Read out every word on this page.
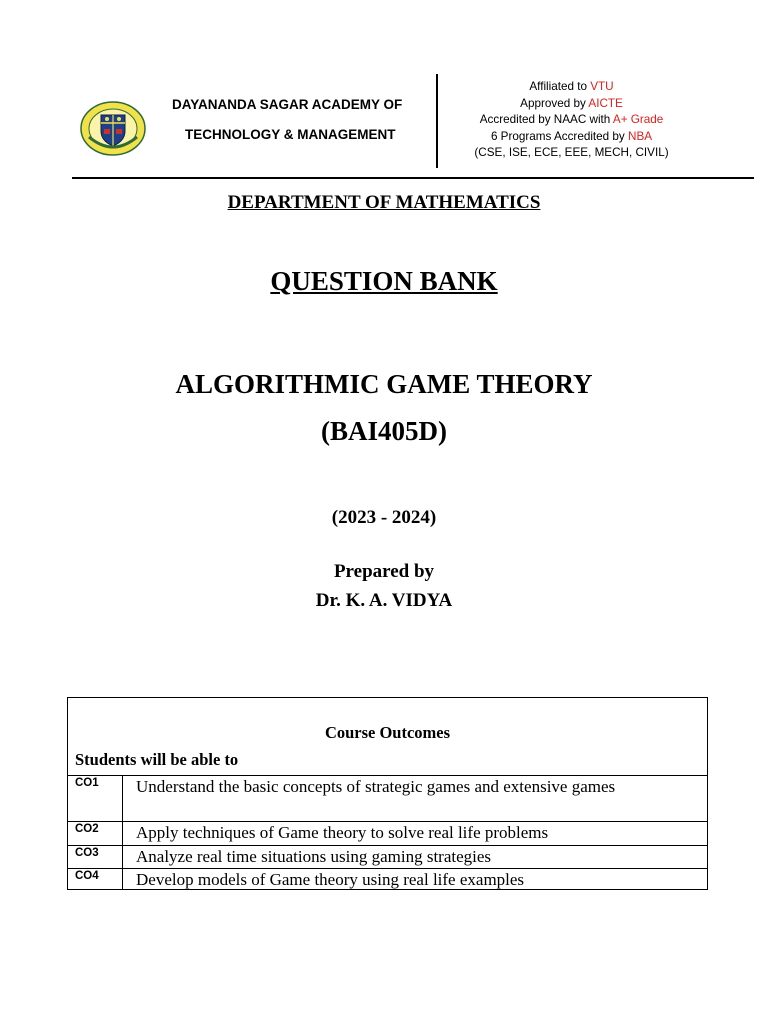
DAYANANDA SAGAR ACADEMY OF
TECHNOLOGY & MANAGEMENT
Affiliated to VTU
Approved by AICTE
Accredited by NAAC with A+ Grade
6 Programs Accredited by NBA
(CSE, ISE, ECE, EEE, MECH, CIVIL)
DEPARTMENT OF MATHEMATICS
QUESTION BANK
ALGORITHMIC GAME THEORY
(BAI405D)
(2023 - 2024)
Prepared by
Dr. K. A. VIDYA
Course Outcomes
Students will be able to
CO1 Understand the basic concepts of strategic games and extensive games
CO2 Apply techniques of Game theory to solve real life problems
CO3 Analyze real time situations using gaming strategies
CO4 Develop models of Game theory using real life examples
